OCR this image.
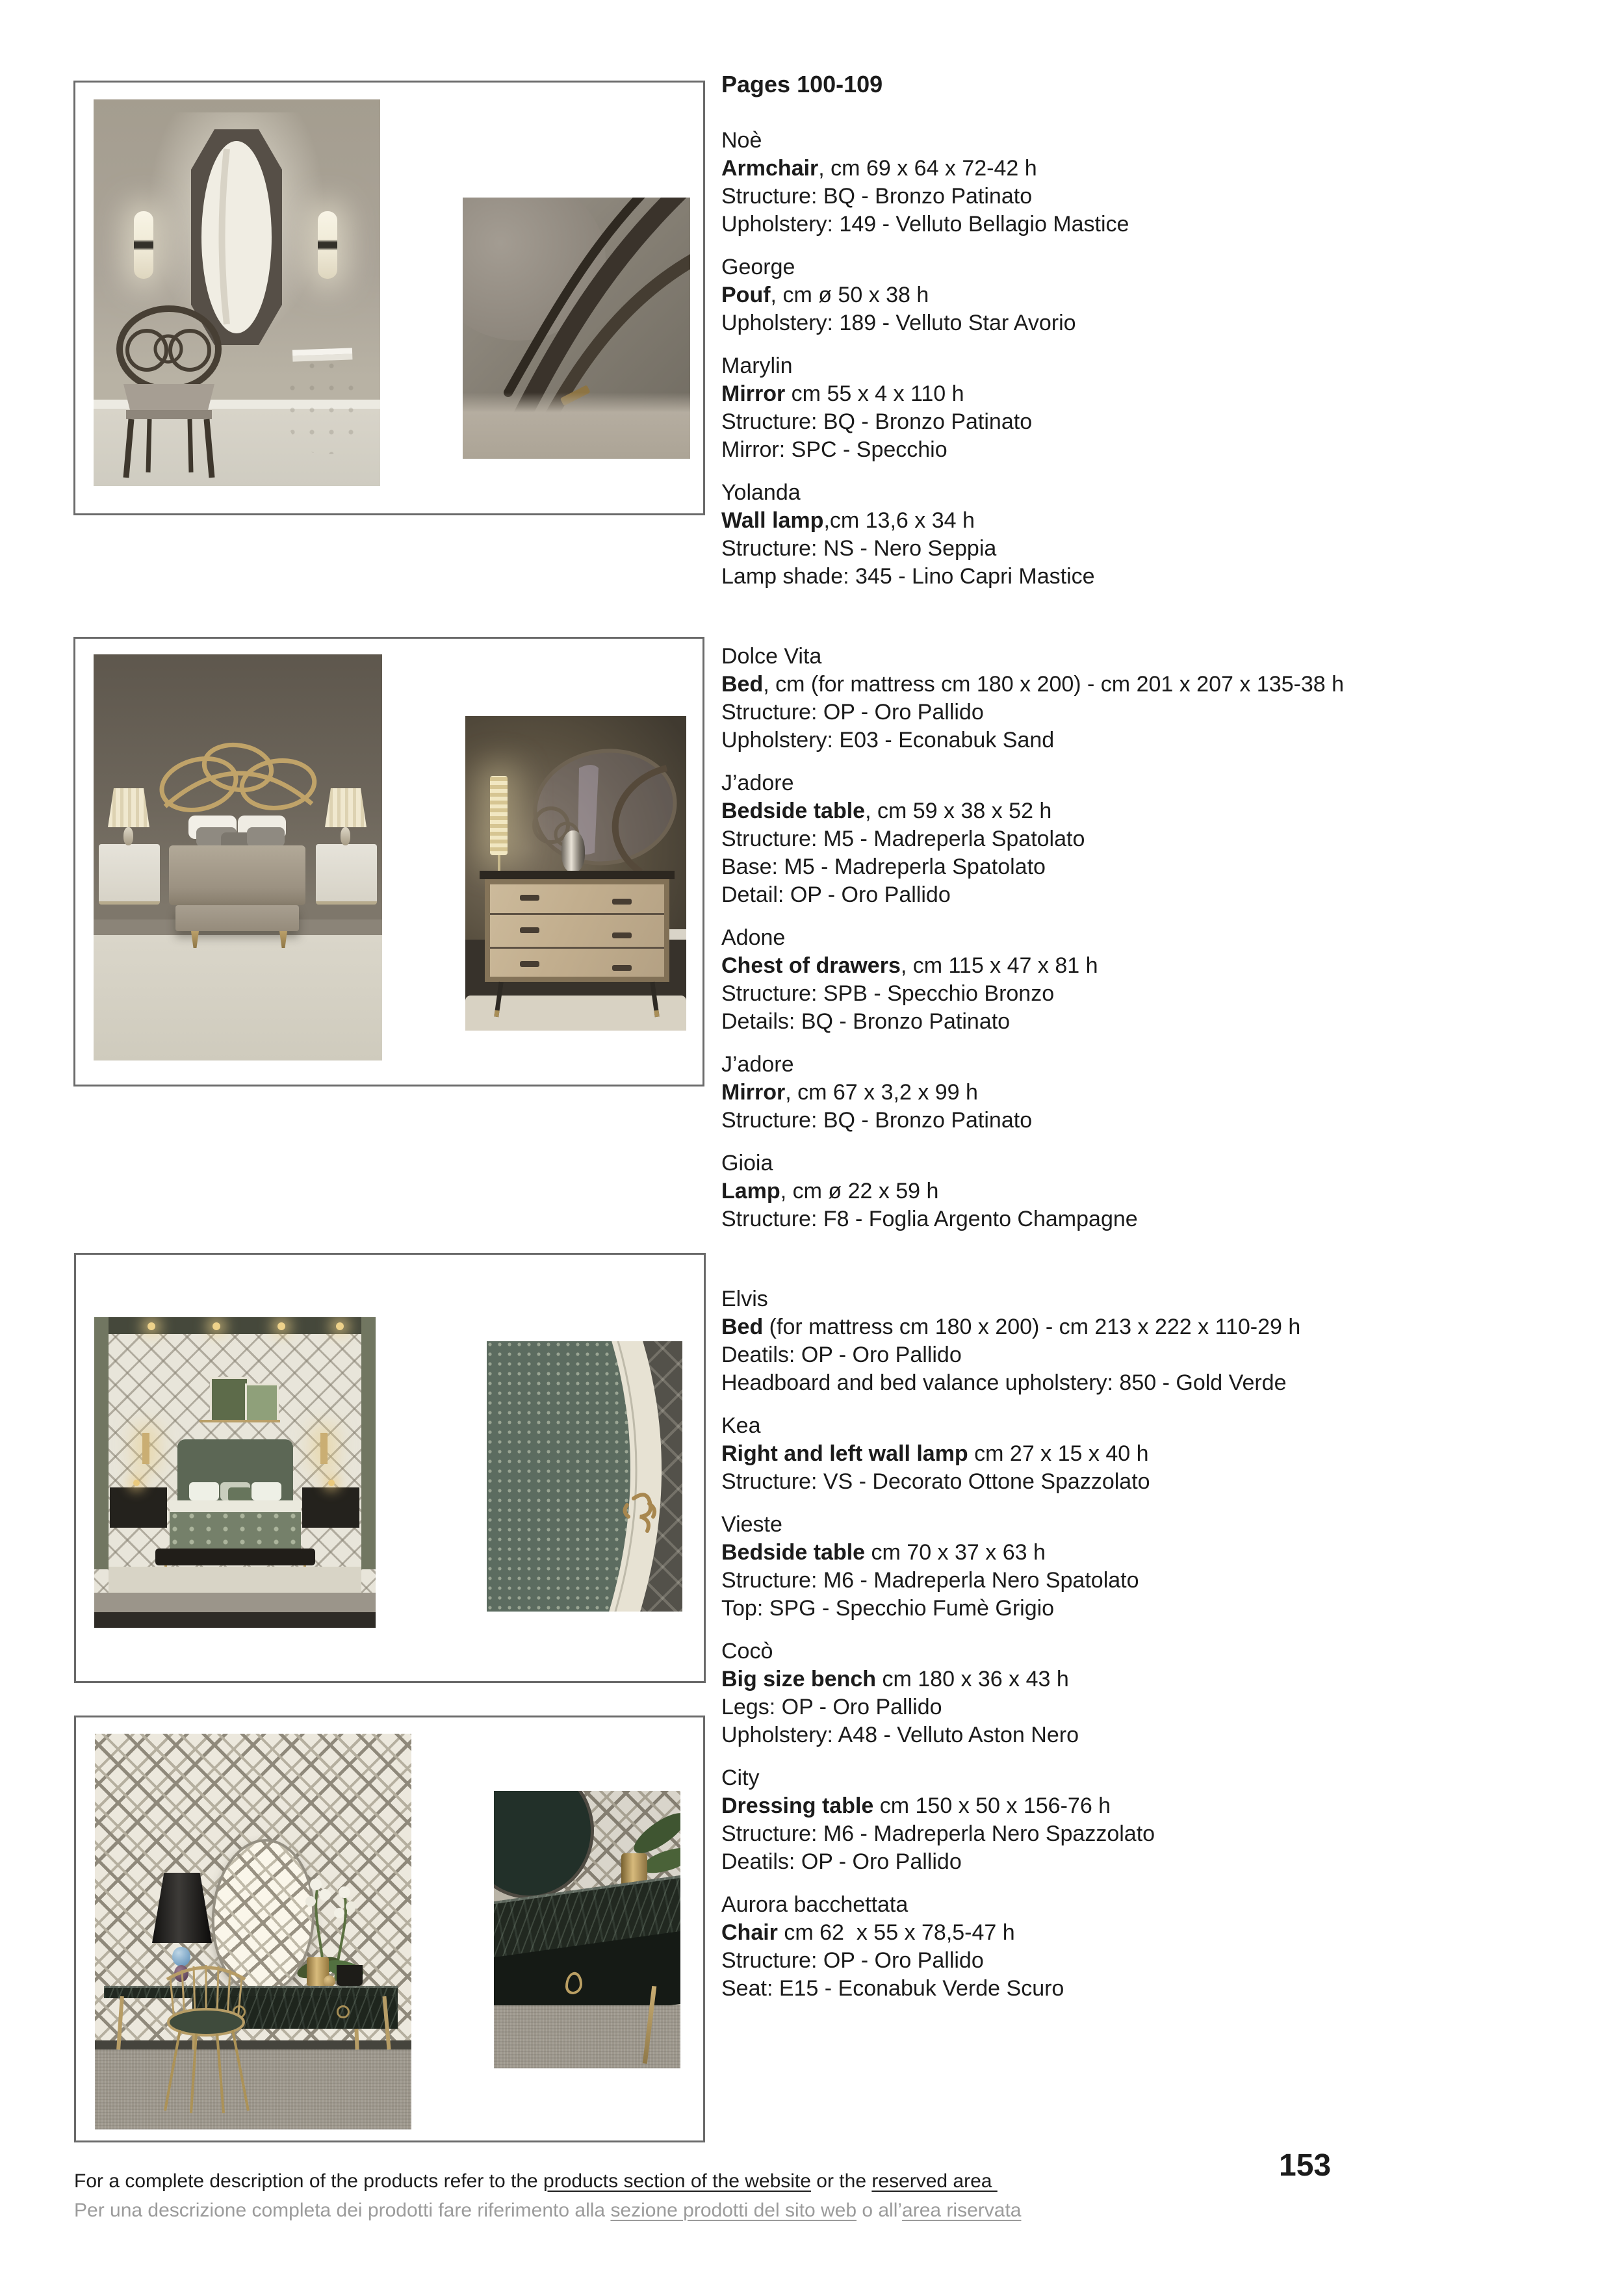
Pages 100-109
Noè
Armchair, cm 69 x 64 x 72-42 h
Structure: BQ - Bronzo Patinato
Upholstery: 149 - Velluto Bellagio Mastice
George
Pouf, cm ø 50 x 38 h
Upholstery: 189 - Velluto Star Avorio
Marylin
Mirror cm 55 x 4 x 110 h
Structure: BQ - Bronzo Patinato
Mirror: SPC - Specchio
Yolanda
Wall lamp,cm 13,6 x 34 h
Structure: NS - Nero Seppia
Lamp shade: 345 - Lino Capri Mastice
Dolce Vita
Bed, cm (for mattress cm 180 x 200) - cm 201 x 207 x 135-38 h
Structure: OP - Oro Pallido
Upholstery: E03 - Econabuk Sand
J’adore
Bedside table, cm 59 x 38 x 52 h
Structure: M5 - Madreperla Spatolato
Base: M5 - Madreperla Spatolato
Detail: OP - Oro Pallido
Adone
Chest of drawers, cm 115 x 47 x 81 h
Structure: SPB - Specchio Bronzo
Details: BQ - Bronzo Patinato
J’adore
Mirror, cm 67 x 3,2 x 99 h
Structure: BQ - Bronzo Patinato
Gioia
Lamp, cm ø 22 x 59 h
Structure: F8 - Foglia Argento Champagne
Elvis
Bed (for mattress cm 180 x 200) - cm 213 x 222 x 110-29 h
Deatils: OP - Oro Pallido
Headboard and bed valance upholstery: 850 - Gold Verde
Kea
Right and left wall lamp cm 27 x 15 x 40 h
Structure: VS - Decorato Ottone Spazzolato
Vieste
Bedside table cm 70 x 37 x 63 h
Structure: M6 - Madreperla Nero Spatolato
Top: SPG - Specchio Fumè Grigio
Cocò
Big size bench cm 180 x 36 x 43 h
Legs: OP - Oro Pallido
Upholstery: A48 - Velluto Aston Nero
City
Dressing table cm 150 x 50 x 156-76 h
Structure: M6 - Madreperla Nero Spazzolato
Deatils: OP - Oro Pallido
Aurora bacchettata
Chair cm 62  x 55 x 78,5-47 h
Structure: OP - Oro Pallido
Seat: E15 - Econabuk Verde Scuro
For a complete description of the products refer to the products section of the website or the reserved area
Per una descrizione completa dei prodotti fare riferimento alla sezione prodotti del sito web o all’area riservata
153
